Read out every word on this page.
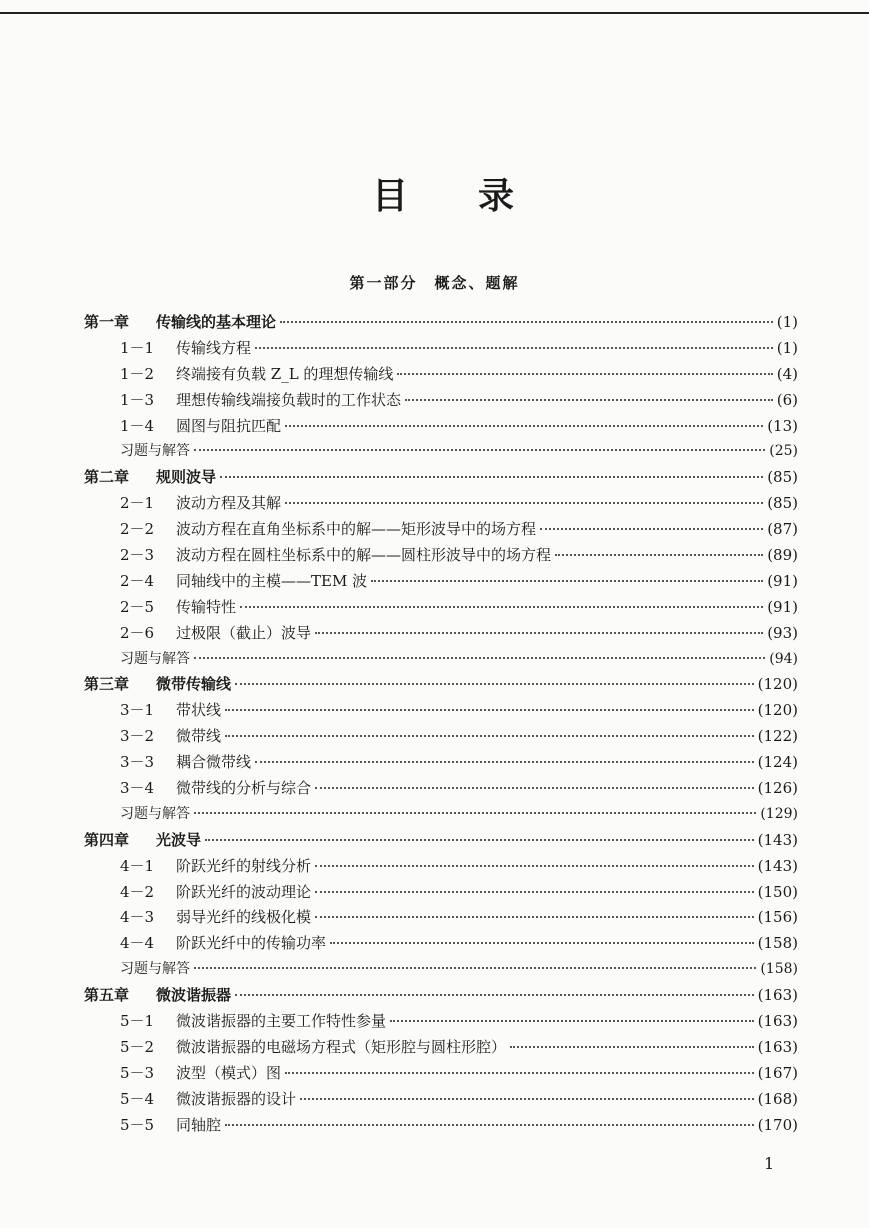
目 录
第一部分　概念、题解
第一章	传输线的基本理论	(1)
1－1	传输线方程	(1)
1－2	终端接有负载 Z_L 的理想传输线	(4)
1－3	理想传输线端接负载时的工作状态	(6)
1－4	圆图与阻抗匹配	(13)
习题与解答	(25)
第二章	规则波导	(85)
2－1	波动方程及其解	(85)
2－2	波动方程在直角坐标系中的解——矩形波导中的场方程	(87)
2－3	波动方程在圆柱坐标系中的解——圆柱形波导中的场方程	(89)
2－4	同轴线中的主模——TEM 波	(91)
2－5	传输特性	(91)
2－6	过极限（截止）波导	(93)
习题与解答	(94)
第三章	微带传输线	(120)
3－1	带状线	(120)
3－2	微带线	(122)
3－3	耦合微带线	(124)
3－4	微带线的分析与综合	(126)
习题与解答	(129)
第四章	光波导	(143)
4－1	阶跃光纤的射线分析	(143)
4－2	阶跃光纤的波动理论	(150)
4－3	弱导光纤的线极化模	(156)
4－4	阶跃光纤中的传输功率	(158)
习题与解答	(158)
第五章	微波谐振器	(163)
5－1	微波谐振器的主要工作特性参量	(163)
5－2	微波谐振器的电磁场方程式（矩形腔与圆柱形腔）	(163)
5－3	波型（模式）图	(167)
5－4	微波谐振器的设计	(168)
5－5	同轴腔	(170)
1
